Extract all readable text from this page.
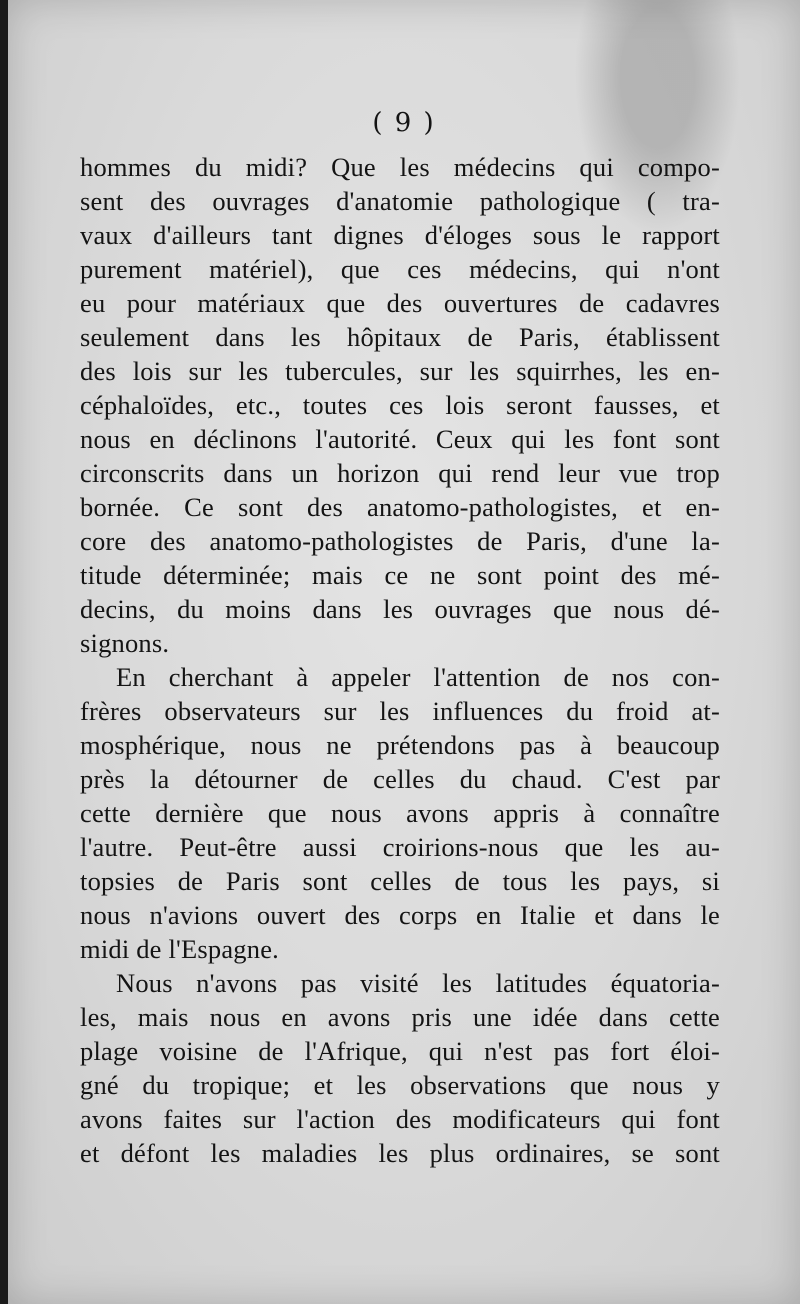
( 9 )
hommes du midi? Que les médecins qui compo-
sent des ouvrages d'anatomie pathologique ( tra-
vaux d'ailleurs tant dignes d'éloges sous le rapport
purement matériel), que ces médecins, qui n'ont
eu pour matériaux que des ouvertures de cadavres
seulement dans les hôpitaux de Paris, établissent
des lois sur les tubercules, sur les squirrhes, les en-
céphaloïdes, etc., toutes ces lois seront fausses, et
nous en déclinons l'autorité. Ceux qui les font sont
circonscrits dans un horizon qui rend leur vue trop
bornée. Ce sont des anatomo-pathologistes, et en-
core des anatomo-pathologistes de Paris, d'une la-
titude déterminée; mais ce ne sont point des mé-
decins, du moins dans les ouvrages que nous dé-
signons.
En cherchant à appeler l'attention de nos con-
frères observateurs sur les influences du froid at-
mosphérique, nous ne prétendons pas à beaucoup
près la détourner de celles du chaud. C'est par
cette dernière que nous avons appris à connaître
l'autre. Peut-être aussi croirions-nous que les au-
topsies de Paris sont celles de tous les pays, si
nous n'avions ouvert des corps en Italie et dans le
midi de l'Espagne.
Nous n'avons pas visité les latitudes équatoria-
les, mais nous en avons pris une idée dans cette
plage voisine de l'Afrique, qui n'est pas fort éloi-
gné du tropique; et les observations que nous y
avons faites sur l'action des modificateurs qui font
et défont les maladies les plus ordinaires, se sont
